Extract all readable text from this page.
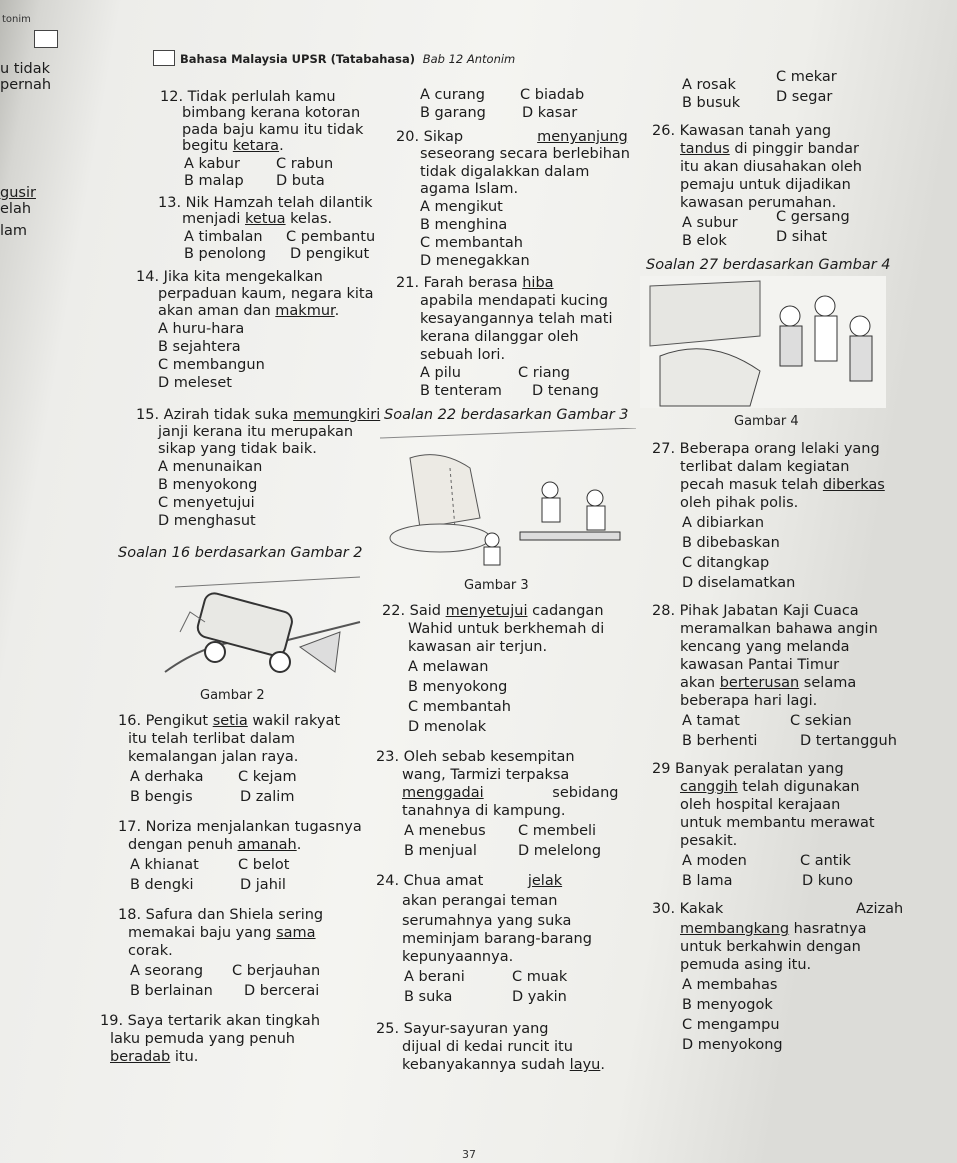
tonim
u tidak
pernah
gusir
elah
lam
Bahasa Malaysia UPSR (Tatabahasa) Bab 12 Antonim
12. Tidak perlulah kamu
bimbang kerana kotoran
pada baju kamu itu tidak
begitu ketara.
A kabur C rabun
B malap D buta
13. Nik Hamzah telah dilantik
menjadi ketua kelas.
A timbalan C pembantu
B penolong D pengikut
14. Jika kita mengekalkan
perpaduan kaum, negara kita
akan aman dan makmur.
A huru-hara
B sejahtera
C membangun
D meleset
15. Azirah tidak suka memungkiri
janji kerana itu merupakan
sikap yang tidak baik.
A menunaikan
B menyokong
C menyetujui
D menghasut
Soalan 16 berdasarkan Gambar 2
Gambar 2
16. Pengikut setia wakil rakyat
itu telah terlibat dalam
kemalangan jalan raya.
A derhaka C kejam
B bengis	D zalim
17. Noriza menjalankan tugasnya
dengan penuh amanah.
A khianat	C belot
B dengki	D jahil
18. Safura dan Shiela sering
memakai baju yang sama
corak.
A seorang C berjauhan
B berlainan D bercerai
19. Saya tertarik akan tingkah
laku pemuda yang penuh
beradab itu.
A curang C biadab
B garang D kasar
20. Sikap	menyanjung
seseorang secara berlebihan
tidak digalakkan dalam
agama Islam.
A mengikut
B menghina
C membantah
D menegakkan
21. Farah berasa hiba
apabila mendapati kucing
kesayangannya telah mati
kerana dilanggar oleh
sebuah lori.
A pilu	C riang
B tenteram D tenang
Soalan 22 berdasarkan Gambar 3
Gambar 3
22. Said menyetujui cadangan
Wahid untuk berkhemah di
kawasan air terjun.
A melawan
B menyokong
C membantah
D menolak
23. Oleh sebab kesempitan
wang, Tarmizi terpaksa
menggadai	sebidang
tanahnya di kampung.
A menebus C membeli
B menjual	D melelong
24. Chua amat	jelak
akan perangai teman
serumahnya yang suka
meminjam barang-barang
kepunyaannya.
A berani	C muak
B suka	D yakin
25. Sayur-sayuran yang
dijual di kedai runcit itu
kebanyakannya sudah layu.
A rosak	C mekar
B busuk D segar
26. Kawasan tanah yang
tandus di pinggir bandar
itu akan diusahakan oleh
pemaju untuk dijadikan
kawasan perumahan.
A subur	C gersang
B elok	D sihat
Soalan 27 berdasarkan Gambar 4
Gambar 4
27. Beberapa orang lelaki yang
terlibat dalam kegiatan
pecah masuk telah diberkas
oleh pihak polis.
A dibiarkan
B dibebaskan
C ditangkap
D diselamatkan
28. Pihak Jabatan Kaji Cuaca
meramalkan bahawa angin
kencang yang melanda
kawasan Pantai Timur
akan berterusan selama
beberapa hari lagi.
A tamat	C sekian
B berhenti	D tertangguh
29 Banyak peralatan yang
canggih telah digunakan
oleh hospital kerajaan
untuk membantu merawat
pesakit.
A moden	C antik
B lama	D kuno
30. Kakak	Azizah
membangkang hasratnya
untuk berkahwin dengan
pemuda asing itu.
A membahas
B menyogok
C mengampu
D menyokong
37
